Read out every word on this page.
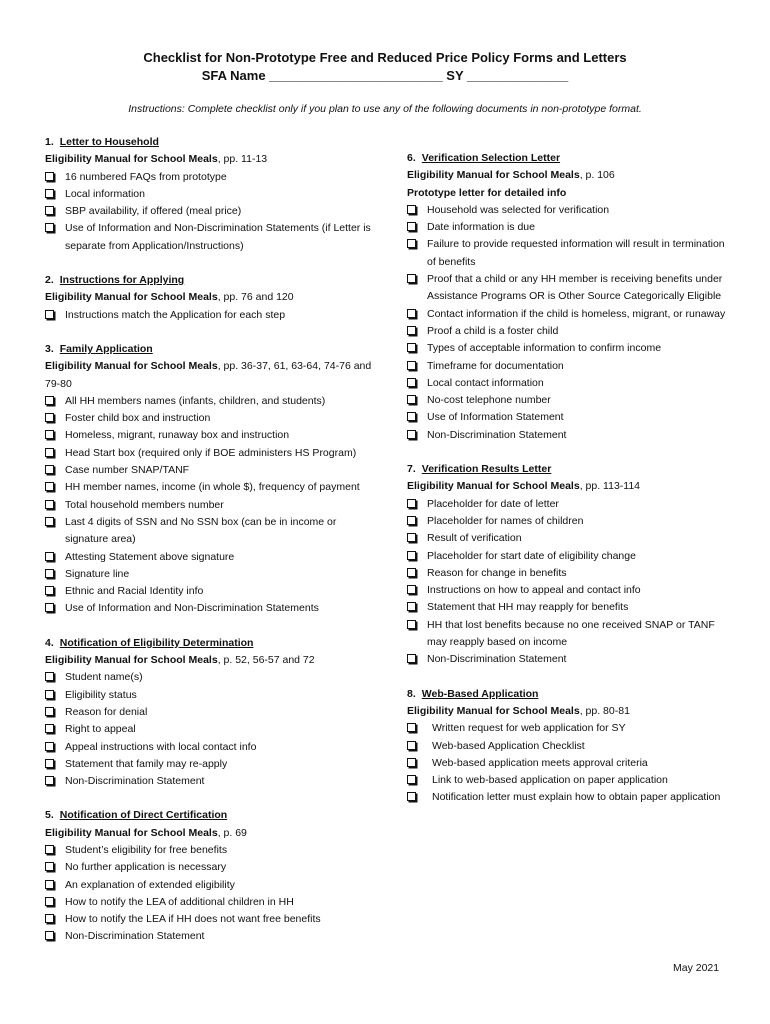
Checklist for Non-Prototype Free and Reduced Price Policy Forms and Letters
SFA Name ________________________ SY ______________
Instructions: Complete checklist only if you plan to use any of the following documents in non-prototype format.
1. Letter to Household
Eligibility Manual for School Meals, pp. 11-13
16 numbered FAQs from prototype
Local information
SBP availability, if offered (meal price)
Use of Information and Non-Discrimination Statements (if Letter is separate from Application/Instructions)
2. Instructions for Applying
Eligibility Manual for School Meals, pp. 76 and 120
Instructions match the Application for each step
3. Family Application
Eligibility Manual for School Meals, pp. 36-37, 61, 63-64, 74-76 and 79-80
All HH members names (infants, children, and students)
Foster child box and instruction
Homeless, migrant, runaway box and instruction
Head Start box (required only if BOE administers HS Program)
Case number SNAP/TANF
HH member names, income (in whole $), frequency of payment
Total household members number
Last 4 digits of SSN and No SSN box (can be in income or signature area)
Attesting Statement above signature
Signature line
Ethnic and Racial Identity info
Use of Information and Non-Discrimination Statements
4. Notification of Eligibility Determination
Eligibility Manual for School Meals, p. 52, 56-57 and 72
Student name(s)
Eligibility status
Reason for denial
Right to appeal
Appeal instructions with local contact info
Statement that family may re-apply
Non-Discrimination Statement
5. Notification of Direct Certification
Eligibility Manual for School Meals, p. 69
Student’s eligibility for free benefits
No further application is necessary
An explanation of extended eligibility
How to notify the LEA of additional children in HH
How to notify the LEA if HH does not want free benefits
Non-Discrimination Statement
6. Verification Selection Letter
Eligibility Manual for School Meals, p. 106
Prototype letter for detailed info
Household was selected for verification
Date information is due
Failure to provide requested information will result in termination of benefits
Proof that a child or any HH member is receiving benefits under Assistance Programs OR is Other Source Categorically Eligible
Contact information if the child is homeless, migrant, or runaway
Proof a child is a foster child
Types of acceptable information to confirm income
Timeframe for documentation
Local contact information
No-cost telephone number
Use of Information Statement
Non-Discrimination Statement
7. Verification Results Letter
Eligibility Manual for School Meals, pp. 113-114
Placeholder for date of letter
Placeholder for names of children
Result of verification
Placeholder for start date of eligibility change
Reason for change in benefits
Instructions on how to appeal and contact info
Statement that HH may reapply for benefits
HH that lost benefits because no one received SNAP or TANF may reapply based on income
Non-Discrimination Statement
8. Web-Based Application
Eligibility Manual for School Meals, pp. 80-81
Written request for web application for SY
Web-based Application Checklist
Web-based application meets approval criteria
Link to web-based application on paper application
Notification letter must explain how to obtain paper application
May 2021
